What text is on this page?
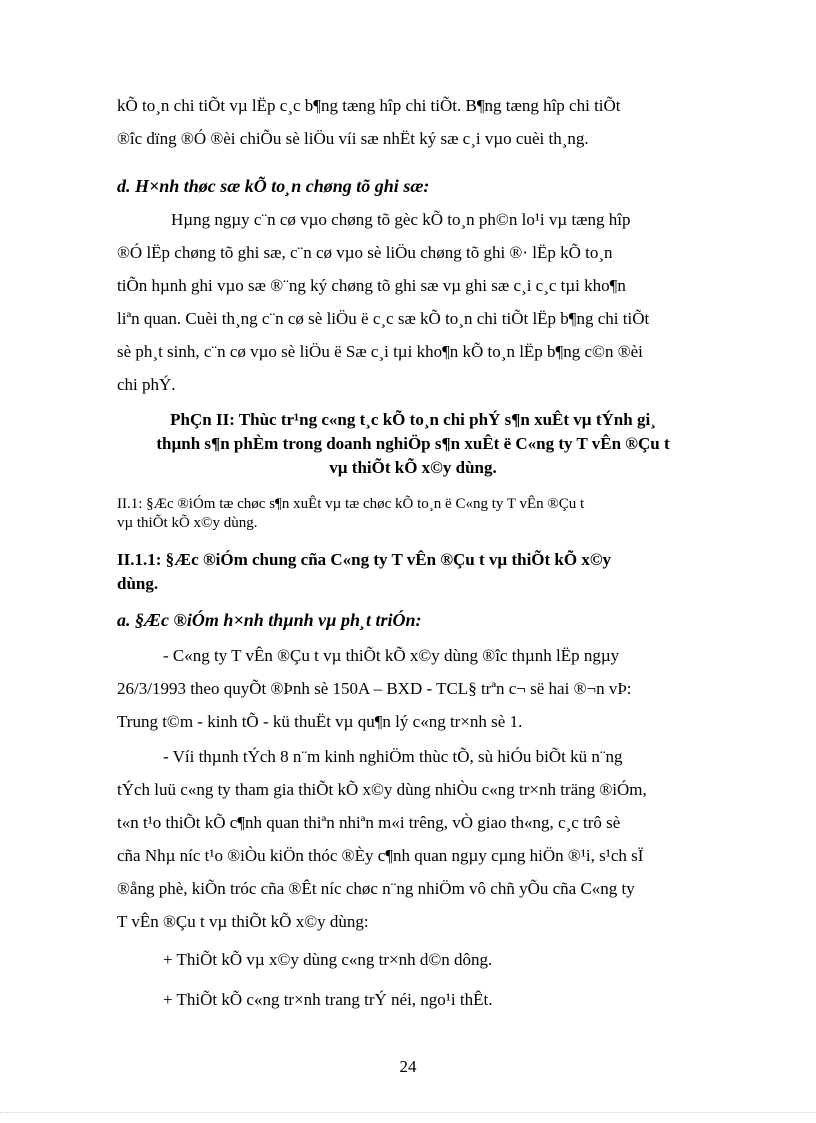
kÕ to¸n chi tiÕt vµ lËp c¸c b¶ng tæng hîp chi tiÕt. B¶ng tæng hîp chi tiÕt

®îc dïng ®Ó ®èi chiÕu sè liÖu víi sæ nhËt ký sæ c¸i vµo cuèi th¸ng.

d. H×nh thøc sæ kÕ to¸n chøng tõ ghi sæ:

Hµng ngµy c¨n cø vµo chøng tõ gèc kÕ to¸n ph©n lo¹i vµ tæng hîp

®Ó lËp chøng tõ ghi sæ, c¨n cø vµo sè liÖu chøng tõ ghi ®· lËp kÕ to¸n

tiÕn hµnh ghi vµo sæ ®¨ng ký chøng tõ ghi sæ vµ ghi sæ c¸i c¸c tµi kho¶n

liªn quan. Cuèi th¸ng c¨n cø sè liÖu ë c¸c sæ kÕ to¸n chi tiÕt lËp b¶ng chi tiÕt

sè ph¸t sinh, c¨n cø vµo sè liÖu ë Sæ c¸i tµi kho¶n kÕ to¸n lËp b¶ng c©n ®èi

chi phÝ.

PhÇn II: Thùc tr¹ng c«ng t¸c kÕ to¸n chi phÝ s¶n xuÊt vµ tÝnh gi¸

thµnh s¶n phÈm trong doanh nghiÖp s¶n xuÊt ë C«ng ty T vÊn ®Çu t

vµ thiÕt kÕ x©y dùng.

II.1: §Æc ®iÓm tæ chøc s¶n xuÊt vµ tæ chøc kÕ to¸n ë C«ng ty T vÊn ®Çu t

vµ thiÕt kÕ x©y dùng.

II.1.1: §Æc ®iÓm chung cña C«ng ty T vÊn ®Çu t vµ thiÕt kÕ x©y

dùng.

a. §Æc ®iÓm h×nh thµnh vµ ph¸t triÓn:

- C«ng ty T vÊn ®Çu t vµ thiÕt kÕ x©y dùng ®îc thµnh lËp ngµy

26/3/1993 theo quyÕt ®Þnh sè 150A – BXD - TCL§ trªn c¬ së hai ®¬n vÞ:

Trung t©m - kinh tÕ - kü thuËt vµ qu¶n lý c«ng tr×nh sè 1.

- Víi thµnh tÝch 8 n¨m kinh nghiÖm thùc tÕ, sù hiÓu biÕt kü n¨ng

tÝch luü c«ng ty tham gia thiÕt kÕ x©y dùng nhiÒu c«ng tr×nh träng ®iÓm,

t«n t¹o thiÕt kÕ c¶nh quan thiªn nhiªn m«i trêng, vÒ giao th«ng, c¸c trô sè

cña Nhµ níc t¹o ®iÒu kiÖn thóc ®Èy c¶nh quan ngµy cµng hiÖn ®¹i, s¹ch sÏ

®ång phè, kiÕn tróc cña ®Êt níc chøc n¨ng nhiÖm vô chñ yÕu cña C«ng ty

T vÊn ®Çu t vµ thiÕt kÕ x©y dùng:

+ ThiÕt kÕ vµ x©y dùng c«ng tr×nh d©n dông.

+ ThiÕt kÕ c«ng tr×nh trang trÝ néi, ngo¹i thÊt.

24
